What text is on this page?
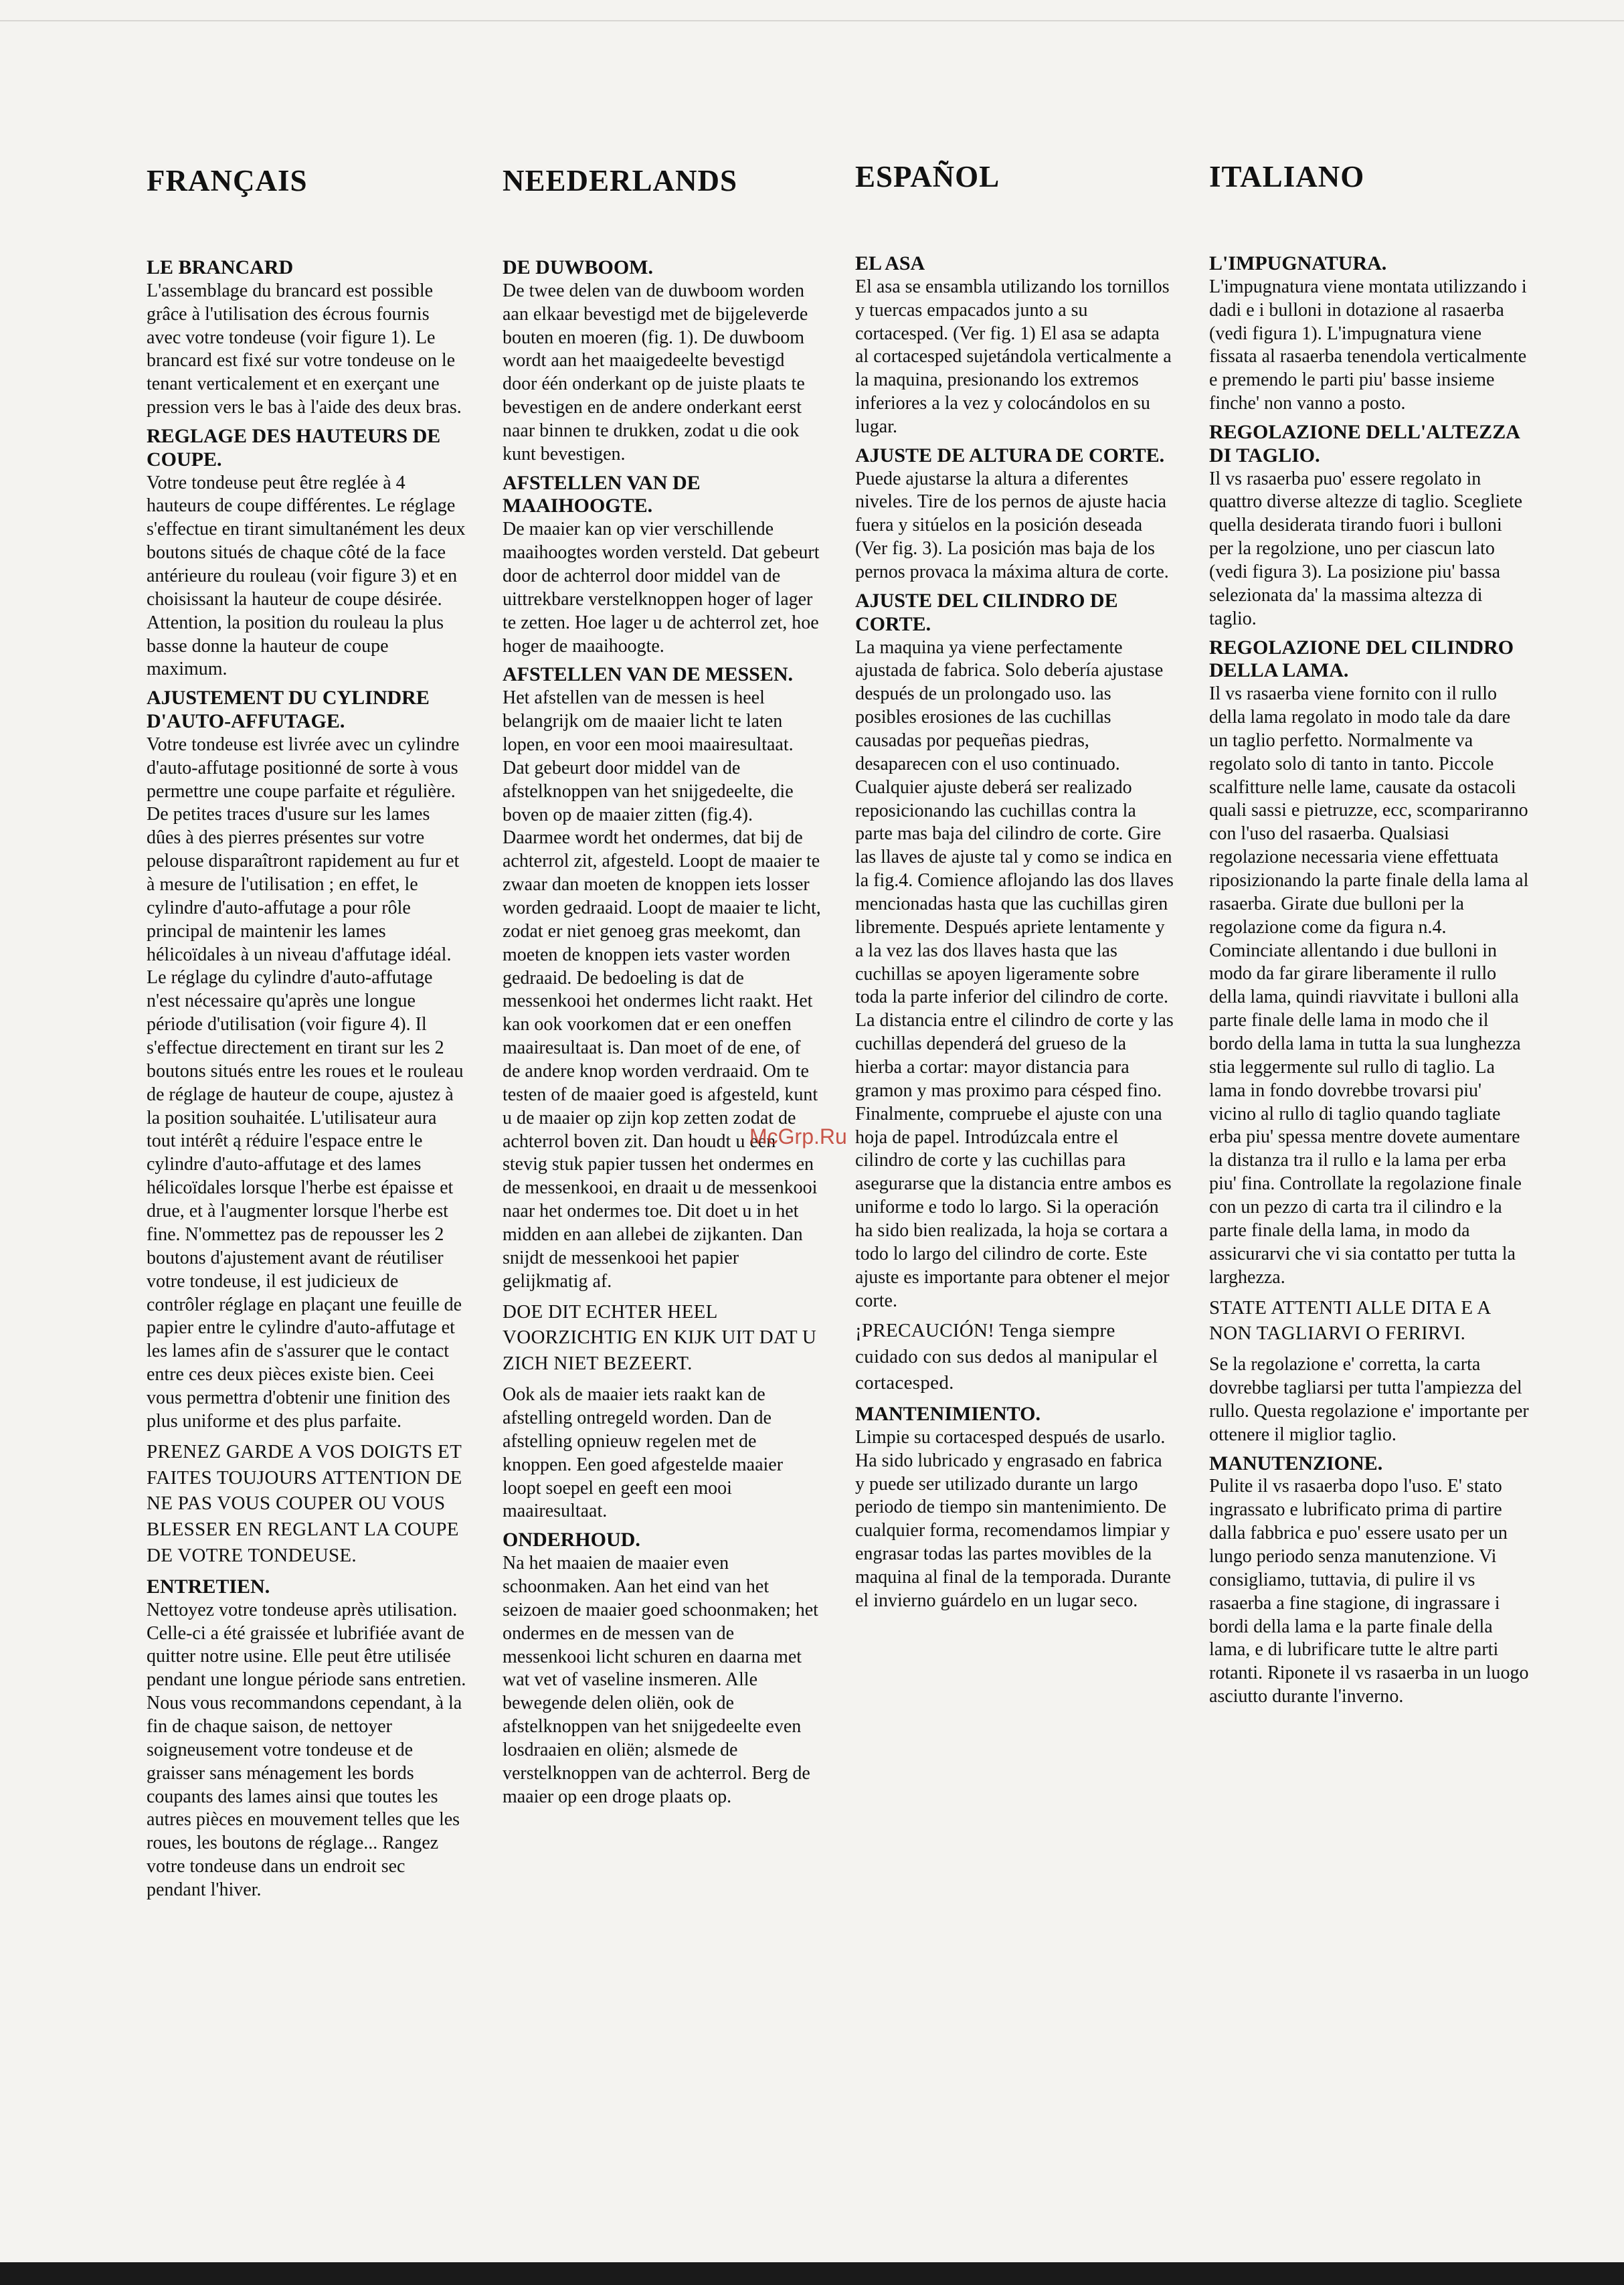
FRANÇAIS
LE BRANCARD

L'assemblage du brancard est possible grâce à l'utilisation des écrous fournis avec votre tondeuse (voir figure 1). Le brancard est fixé sur votre tondeuse on le tenant verticalement et en exerçant une pression vers le bas à l'aide des deux bras.

REGLAGE DES HAUTEURS DE COUPE.

Votre tondeuse peut être reglée à 4 hauteurs de coupe différentes. Le réglage s'effectue en tirant simultanément les deux boutons situés de chaque côté de la face antérieure du rouleau (voir figure 3) et en choisissant la hauteur de coupe désirée. Attention, la position du rouleau la plus basse donne la hauteur de coupe maximum.

AJUSTEMENT DU CYLINDRE D'AUTO-AFFUTAGE.

Votre tondeuse est livrée avec un cylindre d'auto-affutage positionné de sorte à vous permettre une coupe parfaite et régulière. De petites traces d'usure sur les lames dûes à des pierres présentes sur votre pelouse disparaîtront rapidement au fur et à mesure de l'utilisation ; en effet, le cylindre d'auto-affutage a pour rôle principal de maintenir les lames hélicoïdales à un niveau d'affutage idéal. Le réglage du cylindre d'auto-affutage n'est nécessaire qu'après une longue période d'utilisation (voir figure 4). Il s'effectue directement en tirant sur les 2 boutons situés entre les roues et le rouleau de réglage de hauteur de coupe, ajustez à la position souhaitée. L'utilisateur aura tout intérêt ą réduire l'espace entre le cylindre d'auto-affutage et des lames hélicoïdales lorsque l'herbe est épaisse et drue, et à l'augmenter lorsque l'herbe est fine. N'ommettez pas de repousser les 2 boutons d'ajustement avant de réutiliser votre tondeuse, il est judicieux de contrôler réglage en plaçant une feuille de papier entre le cylindre d'auto-affutage et les lames afin de s'assurer que le contact entre ces deux pièces existe bien. Ceei vous permettra d'obtenir une finition des plus uniforme et des plus parfaite.

PRENEZ GARDE A VOS DOIGTS ET FAITES TOUJOURS ATTENTION DE NE PAS VOUS COUPER OU VOUS BLESSER EN REGLANT LA COUPE DE VOTRE TONDEUSE.

ENTRETIEN.

Nettoyez votre tondeuse après utilisation. Celle-ci a été graissée et lubrifiée avant de quitter notre usine. Elle peut être utilisée pendant une longue période sans entretien. Nous vous recommandons cependant, à la fin de chaque saison, de nettoyer soigneusement votre tondeuse et de graisser sans ménagement les bords coupants des lames ainsi que toutes les autres pièces en mouvement telles que les roues, les boutons de réglage... Rangez votre tondeuse dans un endroit sec pendant l'hiver.

NEEDERLANDS
DE DUWBOOM.

De twee delen van de duwboom worden aan elkaar bevestigd met de bijgeleverde bouten en moeren (fig. 1). De duwboom wordt aan het maaigedeelte bevestigd door één onderkant op de juiste plaats te bevestigen en de andere onderkant eerst naar binnen te drukken, zodat u die ook kunt bevestigen.

AFSTELLEN VAN DE MAAIHOOGTE.

De maaier kan op vier verschillende maaihoogtes worden versteld. Dat gebeurt door de achterrol door middel van de uittrekbare verstelknoppen hoger of lager te zetten. Hoe lager u de achterrol zet, hoe hoger de maaihoogte.

AFSTELLEN VAN DE MESSEN.

Het afstellen van de messen is heel belangrijk om de maaier licht te laten lopen, en voor een mooi maairesultaat. Dat gebeurt door middel van de afstelknoppen van het snijgedeelte, die boven op de maaier zitten (fig.4). Daarmee wordt het ondermes, dat bij de achterrol zit, afgesteld. Loopt de maaier te zwaar dan moeten de knoppen iets losser worden gedraaid. Loopt de maaier te licht, zodat er niet genoeg gras meekomt, dan moeten de knoppen iets vaster worden gedraaid. De bedoeling is dat de messenkooi het ondermes licht raakt. Het kan ook voorkomen dat er een oneffen maairesultaat is. Dan moet of de ene, of de andere knop worden verdraaid. Om te testen of de maaier goed is afgesteld, kunt u de maaier op zijn kop zetten zodat de achterrol boven zit. Dan houdt u een stevig stuk papier tussen het ondermes en de messenkooi, en draait u de messenkooi naar het ondermes toe. Dit doet u in het midden en aan allebei de zijkanten. Dan snijdt de messenkooi het papier gelijkmatig af.

DOE DIT ECHTER HEEL VOORZICHTIG EN KIJK UIT DAT U ZICH NIET BEZEERT.

Ook als de maaier iets raakt kan de afstelling ontregeld worden. Dan de afstelling opnieuw regelen met de knoppen. Een goed afgestelde maaier loopt soepel en geeft een mooi maairesultaat.

ONDERHOUD.

Na het maaien de maaier even schoonmaken. Aan het eind van het seizoen de maaier goed schoonmaken; het ondermes en de messen van de messenkooi licht schuren en daarna met wat vet of vaseline insmeren. Alle bewegende delen oliën, ook de afstelknoppen van het snijgedeelte even losdraaien en oliën; alsmede de verstelknoppen van de achterrol. Berg de maaier op een droge plaats op.

ESPAÑOL
EL ASA

El asa se ensambla utilizando los tornillos y tuercas empacados junto a su cortacesped. (Ver fig. 1) El asa se adapta al cortacesped sujetándola verticalmente a la maquina, presionando los extremos inferiores a la vez y colocándolos en su lugar.

AJUSTE DE ALTURA DE CORTE.

Puede ajustarse la altura a diferentes niveles. Tire de los pernos de ajuste hacia fuera y sitúelos en la posición deseada (Ver fig. 3). La posición mas baja de los pernos provaca la máxima altura de corte.

AJUSTE DEL CILINDRO DE CORTE.

La maquina ya viene perfectamente ajustada de fabrica. Solo debería ajustase después de un prolongado uso. las posibles erosiones de las cuchillas causadas por pequeñas piedras, desaparecen con el uso continuado. Cualquier ajuste deberá ser realizado reposicionando las cuchillas contra la parte mas baja del cilindro de corte. Gire las llaves de ajuste tal y como se indica en la fig.4. Comience aflojando las dos llaves mencionadas hasta que las cuchillas giren libremente. Después apriete lentamente y a la vez las dos llaves hasta que las cuchillas se apoyen ligeramente sobre toda la parte inferior del cilindro de corte. La distancia entre el cilindro de corte y las cuchillas dependerá del grueso de la hierba a cortar: mayor distancia para gramon y mas proximo para césped fino. Finalmente, compruebe el ajuste con una hoja de papel. Introdúzcala entre el cilindro de corte y las cuchillas para asegurarse que la distancia entre ambos es uniforme e todo lo largo. Si la operación ha sido bien realizada, la hoja se cortara a todo lo largo del cilindro de corte. Este ajuste es importante para obtener el mejor corte.

¡PRECAUCIÓN! Tenga siempre cuidado con sus dedos al manipular el cortacesped.

MANTENIMIENTO.

Limpie su cortacesped después de usarlo. Ha sido lubricado y engrasado en fabrica y puede ser utilizado durante un largo periodo de tiempo sin mantenimiento. De cualquier forma, recomendamos limpiar y engrasar todas las partes movibles de la maquina al final de la temporada. Durante el invierno guárdelo en un lugar seco.

ITALIANO
L'IMPUGNATURA.

L'impugnatura viene montata utilizzando i dadi e i bulloni in dotazione al rasaerba (vedi figura 1). L'impugnatura viene fissata al rasaerba tenendola verticalmente e premendo le parti piu' basse insieme finche' non vanno a posto.

REGOLAZIONE DELL'ALTEZZA DI TAGLIO.

Il vs rasaerba puo' essere regolato in quattro diverse altezze di taglio. Scegliete quella desiderata tirando fuori i bulloni per la regolzione, uno per ciascun lato (vedi figura 3). La posizione piu' bassa selezionata da' la massima altezza di taglio.

REGOLAZIONE DEL CILINDRO DELLA LAMA.

Il vs rasaerba viene fornito con il rullo della lama regolato in modo tale da dare un taglio perfetto. Normalmente va regolato solo di tanto in tanto. Piccole scalfitture nelle lame, causate da ostacoli quali sassi e pietruzze, ecc, scompariranno con l'uso del rasaerba. Qualsiasi regolazione necessaria viene effettuata riposizionando la parte finale della lama al rasaerba. Girate due bulloni per la regolazione come da figura n.4. Cominciate allentando i due bulloni in modo da far girare liberamente il rullo della lama, quindi riavvitate i bulloni alla parte finale delle lama in modo che il bordo della lama in tutta la sua lunghezza stia leggermente sul rullo di taglio. La lama in fondo dovrebbe trovarsi piu' vicino al rullo di taglio quando tagliate erba piu' spessa mentre dovete aumentare la distanza tra il rullo e la lama per erba piu' fina. Controllate la regolazione finale con un pezzo di carta tra il cilindro e la parte finale della lama, in modo da assicurarvi che vi sia contatto per tutta la larghezza.

STATE ATTENTI ALLE DITA E A NON TAGLIARVI O FERIRVI.

Se la regolazione e' corretta, la carta dovrebbe tagliarsi per tutta l'ampiezza del rullo. Questa regolazione e' importante per ottenere il miglior taglio.

MANUTENZIONE.

Pulite il vs rasaerba dopo l'uso. E' stato ingrassato e lubrificato prima di partire dalla fabbrica e puo' essere usato per un lungo periodo senza manutenzione. Vi consigliamo, tuttavia, di pulire il vs rasaerba a fine stagione, di ingrassare i bordi della lama e la parte finale della lama, e di lubrificare tutte le altre parti rotanti. Riponete il vs rasaerba in un luogo asciutto durante l'inverno.

McGrp.Ru
